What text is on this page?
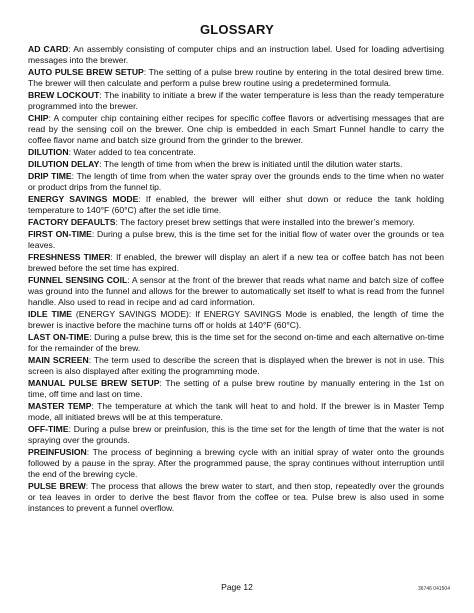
GLOSSARY
AD CARD: An assembly consisting of computer chips and an instruction label. Used for loading advertising messages into the brewer.
AUTO PULSE BREW SETUP: The setting of a pulse brew routine by entering in the total desired brew time. The brewer will then calculate and perform a pulse brew routine using a predetermined formula.
BREW LOCKOUT: The inability to initiate a brew if the water temperature is less than the ready temperature programmed into the brewer.
CHIP: A computer chip containing either recipes for specific coffee flavors or advertising messages that are read by the sensing coil on the brewer. One chip is embedded in each Smart Funnel handle to carry the coffee flavor name and batch size ground from the grinder to the brewer.
DILUTION: Water added to tea concentrate.
DILUTION DELAY: The length of time from when the brew is initiated until the dilution water starts.
DRIP TIME: The length of time from when the water spray over the grounds ends to the time when no water or product drips from the funnel tip.
ENERGY SAVINGS MODE: If enabled, the brewer will either shut down or reduce the tank holding temperature to 140°F (60°C) after the set idle time.
FACTORY DEFAULTS: The factory preset brew settings that were installed into the brewer’s memory.
FIRST ON-TIME: During a pulse brew, this is the time set for the initial flow of water over the grounds or tea leaves.
FRESHNESS TIMER: If enabled, the brewer will display an alert if a new tea or coffee batch has not been brewed before the set time has expired.
FUNNEL SENSING COIL: A sensor at the front of the brewer that reads what name and batch size of coffee was ground into the funnel and allows for the brewer to automatically set itself to what is read from the funnel handle. Also used to read in recipe and ad card information.
IDLE TIME (ENERGY SAVINGS MODE): If ENERGY SAVINGS Mode is enabled, the length of time the brewer is inactive before the machine turns off or holds at 140°F (60°C).
LAST ON-TIME: During a pulse brew, this is the time set for the second on-time and each alternative on-time for the remainder of the brew.
MAIN SCREEN: The term used to describe the screen that is displayed when the brewer is not in use. This screen is also displayed after exiting the programming mode.
MANUAL PULSE BREW SETUP: The setting of a pulse brew routine by manually entering in the 1st on time, off time and last on time.
MASTER TEMP: The temperature at which the tank will heat to and hold. If the brewer is in Master Temp mode, all initiated brews will be at this temperature.
OFF-TIME: During a pulse brew or preinfusion, this is the time set for the length of time that the water is not spraying over the grounds.
PREINFUSION: The process of beginning a brewing cycle with an initial spray of water onto the grounds followed by a pause in the spray. After the programmed pause, the spray continues without interruption until the end of the brewing cycle.
PULSE BREW: The process that allows the brew water to start, and then stop, repeatedly over the grounds or tea leaves in order to derive the best flavor from the coffee or tea. Pulse brew is also used in some instances to prevent a funnel overflow.
Page 12	36746 041504
